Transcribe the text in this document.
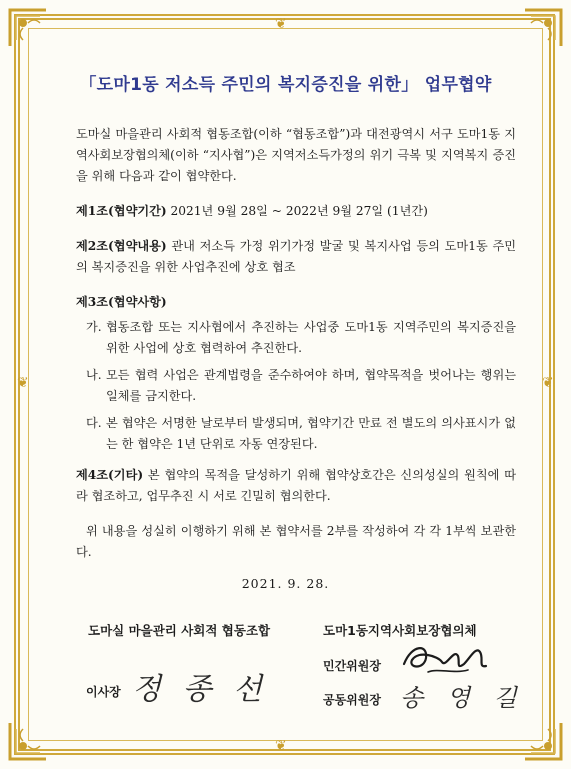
❦
❦
❦	❦
「도마1동 저소득 주민의 복지증진을 위한」 업무협약

도마실 마을관리 사회적 협동조합(이하 “협동조합”)과 대전광역시 서구 도마1동 지역사회보장협의체(이하 “지사협”)은 지역저소득가정의 위기 극복 및 지역복지 증진을 위해 다음과 같이 협약한다.

제1조(협약기간) 2021년 9월 28일 ~ 2022년 9월 27일 (1년간)

제2조(협약내용) 관내 저소득 가정 위기가정 발굴 및 복지사업 등의 도마1동 주민의 복지증진을 위한 사업추진에 상호 협조

제3조(협약사항)

가. 협동조합 또는 지사협에서 추진하는 사업중 도마1동 지역주민의 복지증진을 위한 사업에 상호 협력하여 추진한다.
나. 모든 협력 사업은 관계법령을 준수하여야 하며, 협약목적을 벗어나는 행위는 일체를 금지한다.
다. 본 협약은 서명한 날로부터 발생되며, 협약기간 만료 전 별도의 의사표시가 없는 한 협약은 1년 단위로 자동 연장된다.

제4조(기타) 본 협약의 목적을 달성하기 위해 협약상호간은 신의성실의 원칙에 따라 협조하고, 업무추진 시 서로 긴밀히 협의한다.

위 내용을 성실히 이행하기 위해 본 협약서를 2부를 작성하여 각 각 1부씩 보관한다.

2021. 9. 28.
도마실 마을관리 사회적 협동조합	도마1동지역사회보장협의체
이사장 정 종 선
민간위원장
공동위원장 송 영 길
